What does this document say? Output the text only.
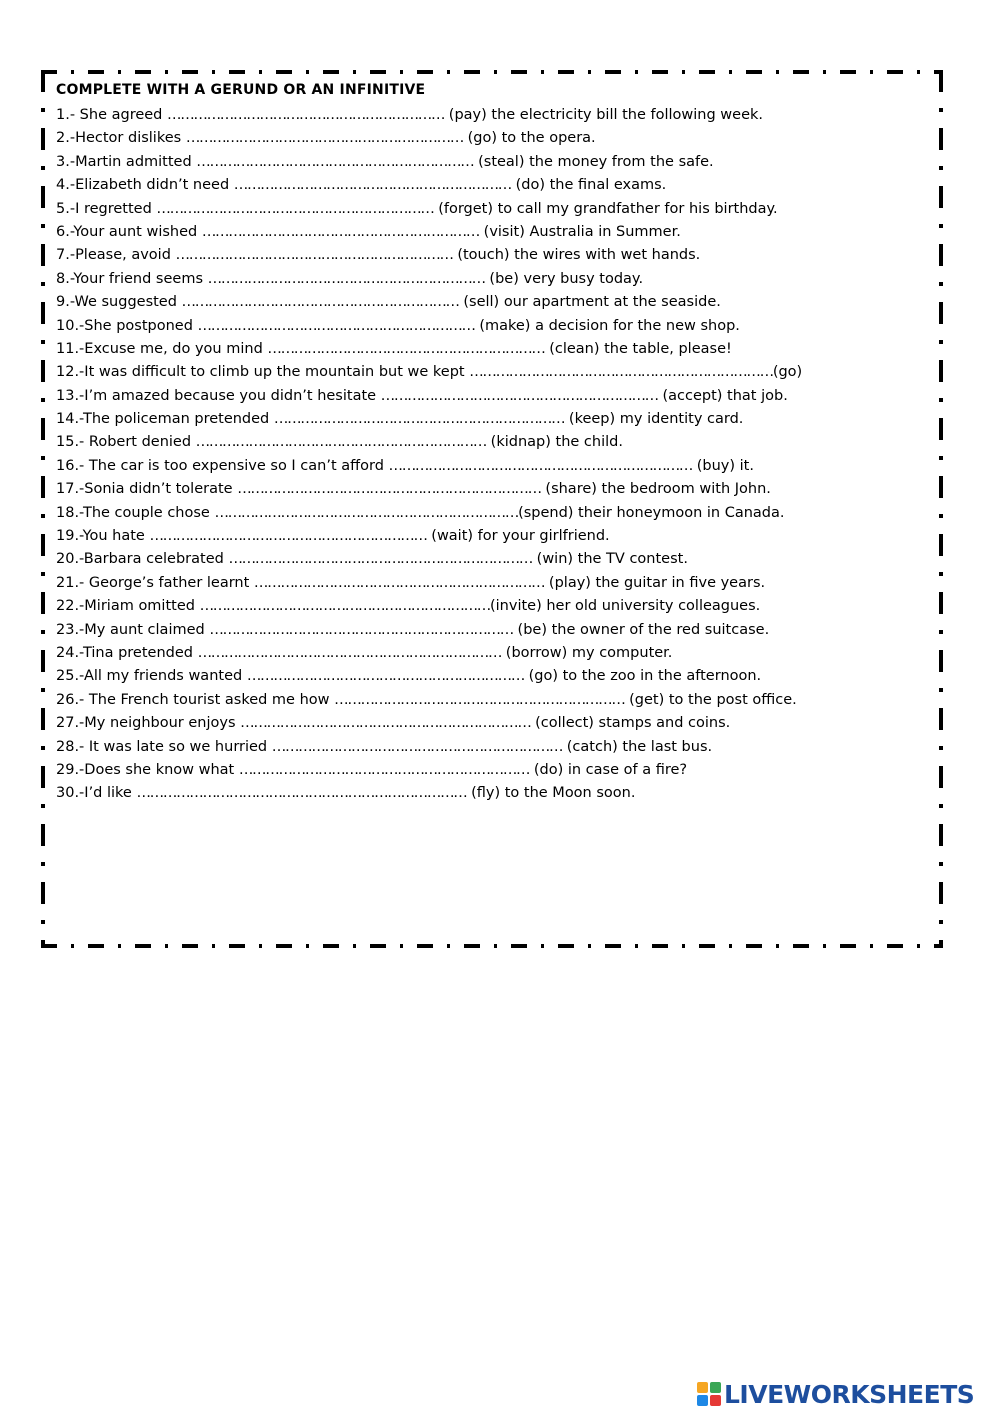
COMPLETE WITH A GERUND OR AN INFINITIVE
1.- She agreed ……………………………………………………… (pay) the electricity bill the following week.
2.-Hector dislikes ……………………………………………………… (go) to the opera.
3.-Martin admitted ……………………………………………………… (steal) the money from the safe.
4.-Elizabeth didn’t need ……………………………………………………… (do) the final exams.
5.-I regretted ……………………………………………………… (forget) to call my grandfather for his birthday.
6.-Your aunt wished ……………………………………………………… (visit) Australia in Summer.
7.-Please, avoid ……………………………………………………… (touch) the wires with wet hands.
8.-Your friend seems ……………………………………………………… (be) very busy today.
9.-We suggested ……………………………………………………… (sell) our apartment at the seaside.
10.-She postponed ……………………………………………………… (make) a decision for the new shop.
11.-Excuse me, do you mind ……………………………………………………… (clean) the table, please!
12.-It was difficult to climb up the mountain but we kept ……………………………………………………………(go)
13.-I’m amazed because you didn’t hesitate ……………………………………………………… (accept) that job.
14.-The policeman pretended ………………………………………………………… (keep) my identity card.
15.- Robert denied ………………………………………………………… (kidnap) the child.
16.- The car is too expensive so I can’t afford …………………………………………………………… (buy) it.
17.-Sonia didn’t tolerate …………………………………………………………… (share) the bedroom with John.
18.-The couple chose ……………………………………………………………(spend) their honeymoon in Canada.
19.-You hate ……………………………………………………… (wait) for your girlfriend.
20.-Barbara celebrated …………………………………………………………… (win) the TV contest.
21.- George’s father learnt ………………………………………………………… (play) the guitar in five years.
22.-Miriam omitted …………………………………………………………(invite) her old university colleagues.
23.-My aunt claimed …………………………………………………………… (be) the owner of the red suitcase.
24.-Tina pretended …………………………………………………………… (borrow) my computer.
25.-All my friends wanted ……………………………………………………… (go) to the zoo in the afternoon.
26.- The French tourist asked me how ………………………………………………………… (get) to the post office.
27.-My neighbour enjoys ………………………………………………………… (collect) stamps and coins.
28.- It was late so we hurried ………………………………………………………… (catch) the last bus.
29.-Does she know what ………………………………………………………… (do) in case of a fire?
30.-I’d like ………………………………………………………………… (fly) to the Moon soon.
LIVEWORKSHEETS
